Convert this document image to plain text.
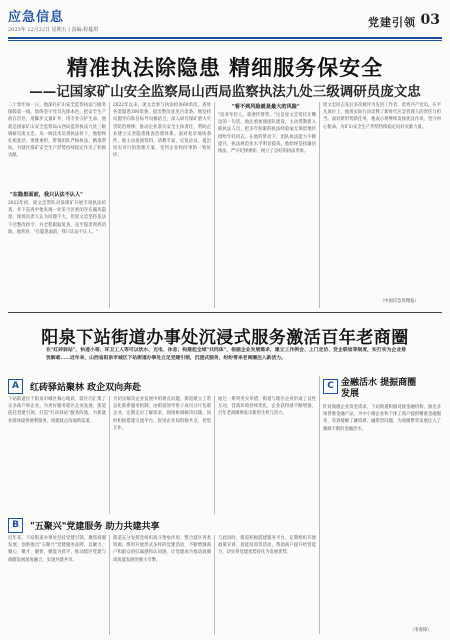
应急信息
2023年 12月22日 星期五 | 责编:程蔓琪
党建引领 03
精准执法除隐患 精细服务保安全
——记国家矿山安全监察局山西局监察执法九处三级调研员庞文忠
二十余年如一日，他深扎矿山安全监察执法与服务保障第一线，始终坚守党员先锋本色，把安全生产放在首位，用脚步丈量矿井，用专业守护生命。他就是国家矿山安全监察局山西局监察执法九处三级调研员庞文忠。从一线技术员到执法骨干，他始终扎根基层，勇挑重担，带领团队严格执法、精准帮扶，为辖区煤矿安全生产形势持续稳定作出了积极贡献。
"在隐患面前，我只认法不认人"
2022年初，庞文忠带队对某煤矿开展专项执法检查，井下巡查中他发现一处采空区密闭存在漏风隐患，现场负责人认为问题不大，但庞文忠坚持依法下达整改指令，并全程跟踪复查，直至隐患彻底消除。他常说："在隐患面前，我只认法不认人。"
2022年以来，庞文忠参与执法检查60余次，查处各类隐患300余条，提出整改意见百余条。他坚持问题导向和目标导向相结合，深入研究煤矿重大灾害防治规律，推动企业落实安全主体责任，帮助企业建立完善隐患排查治理体系。面对复杂地质条件，他主动查阅资料、请教专家，反复论证，提出切实可行的治理方案，受到企业和同事的一致好评。
"看不到风险就是最大的风险"
"培养年轻人，就要传帮带。"这是庞文忠常挂在嘴边的一句话。他注重加强团队建设，主动带教新入职执法人员，把多年积累的执法经验毫无保留地传授给年轻同志。在他的带动下，团队执法能力不断提升，执法规范化水平明显提高。他始终坚持廉洁执法，严守纪律规矩，树立了良好的执法形象。
庞文忠同志先后多次被评为先进工作者、优秀共产党员。在平凡岗位上，他用实际行动诠释了新时代应急管理人的责任与担当。面对新形势新任务，他表示将继续发扬优良作风，坚守初心使命，为矿山安全生产形势持续稳定向好贡献力量。
（中国应急管理报）
阳泉下站街道办事处沉浸式服务激活百年老商圈
在"红砖驿站"，快递小哥、环卫工人等可以饮水、充电、休息；构建起全域"共同体"，根据企业发展需求，建立工作例会、上门走访、党企联谊等制度，实打实为企业排忧解难……近年来，山西省阳泉市城区下站街道办事处立足党建引领，沉浸式服务，纷纷带来老商圈注入新活力。
A	红砖驿站聚林 政企双向奔赴
下站街道位于阳泉市城区核心地段，辖区内汇集了众多商户和企业。为更好服务辖区企业发展，街道依托党建引领，打造"红砖驿站"服务阵地，为新就业群体提供便利服务，构建政企沟通新渠道。
为切实解决企业发展中的难点问题，街道建立了常态化联系服务机制，由街道领导班子成员分片包联企业，定期走访了解需求，现场协调解决问题。同时积极搭建交流平台，促进企业间资源共享、优势互补。
通过一系列务实举措，街道与辖区企业形成了良性互动，营商环境持续优化，企业获得感不断增强，百年老商圈焕发出新的生机与活力。
B	"五聚兴"党建服务 助力共建共享
近年来，下站街道办事处坚持党建引领，聚焦商圈发展，创新推出"五聚兴"党建服务品牌，以聚力、聚心、聚才、聚智、聚能为抓手，推动辖区党建与商圈发展深度融合，实现共建共享。
街道充分发挥党组织战斗堡垒作用，整合辖区各类资源，组织开展形式多样的党建活动，不断增强商户和群众的归属感和认同感，让党建成为推动商圈高质量发展的强大引擎。
与此同时，街道积极搭建服务平台，定期组织开展政策宣讲、技能培训等活动，帮助商户提升经营能力，切实将党建优势转化为发展优势。
C 金融活水 提振商圈发展
针对商圈企业资金需求，下站街道积极对接金融机构，推出多项普惠金融产品，为中小微企业和个体工商户提供精准金融服务，有效缓解了融资难、融资贵问题，为商圈繁荣发展注入了源源不断的金融活水。
（李春锋）
